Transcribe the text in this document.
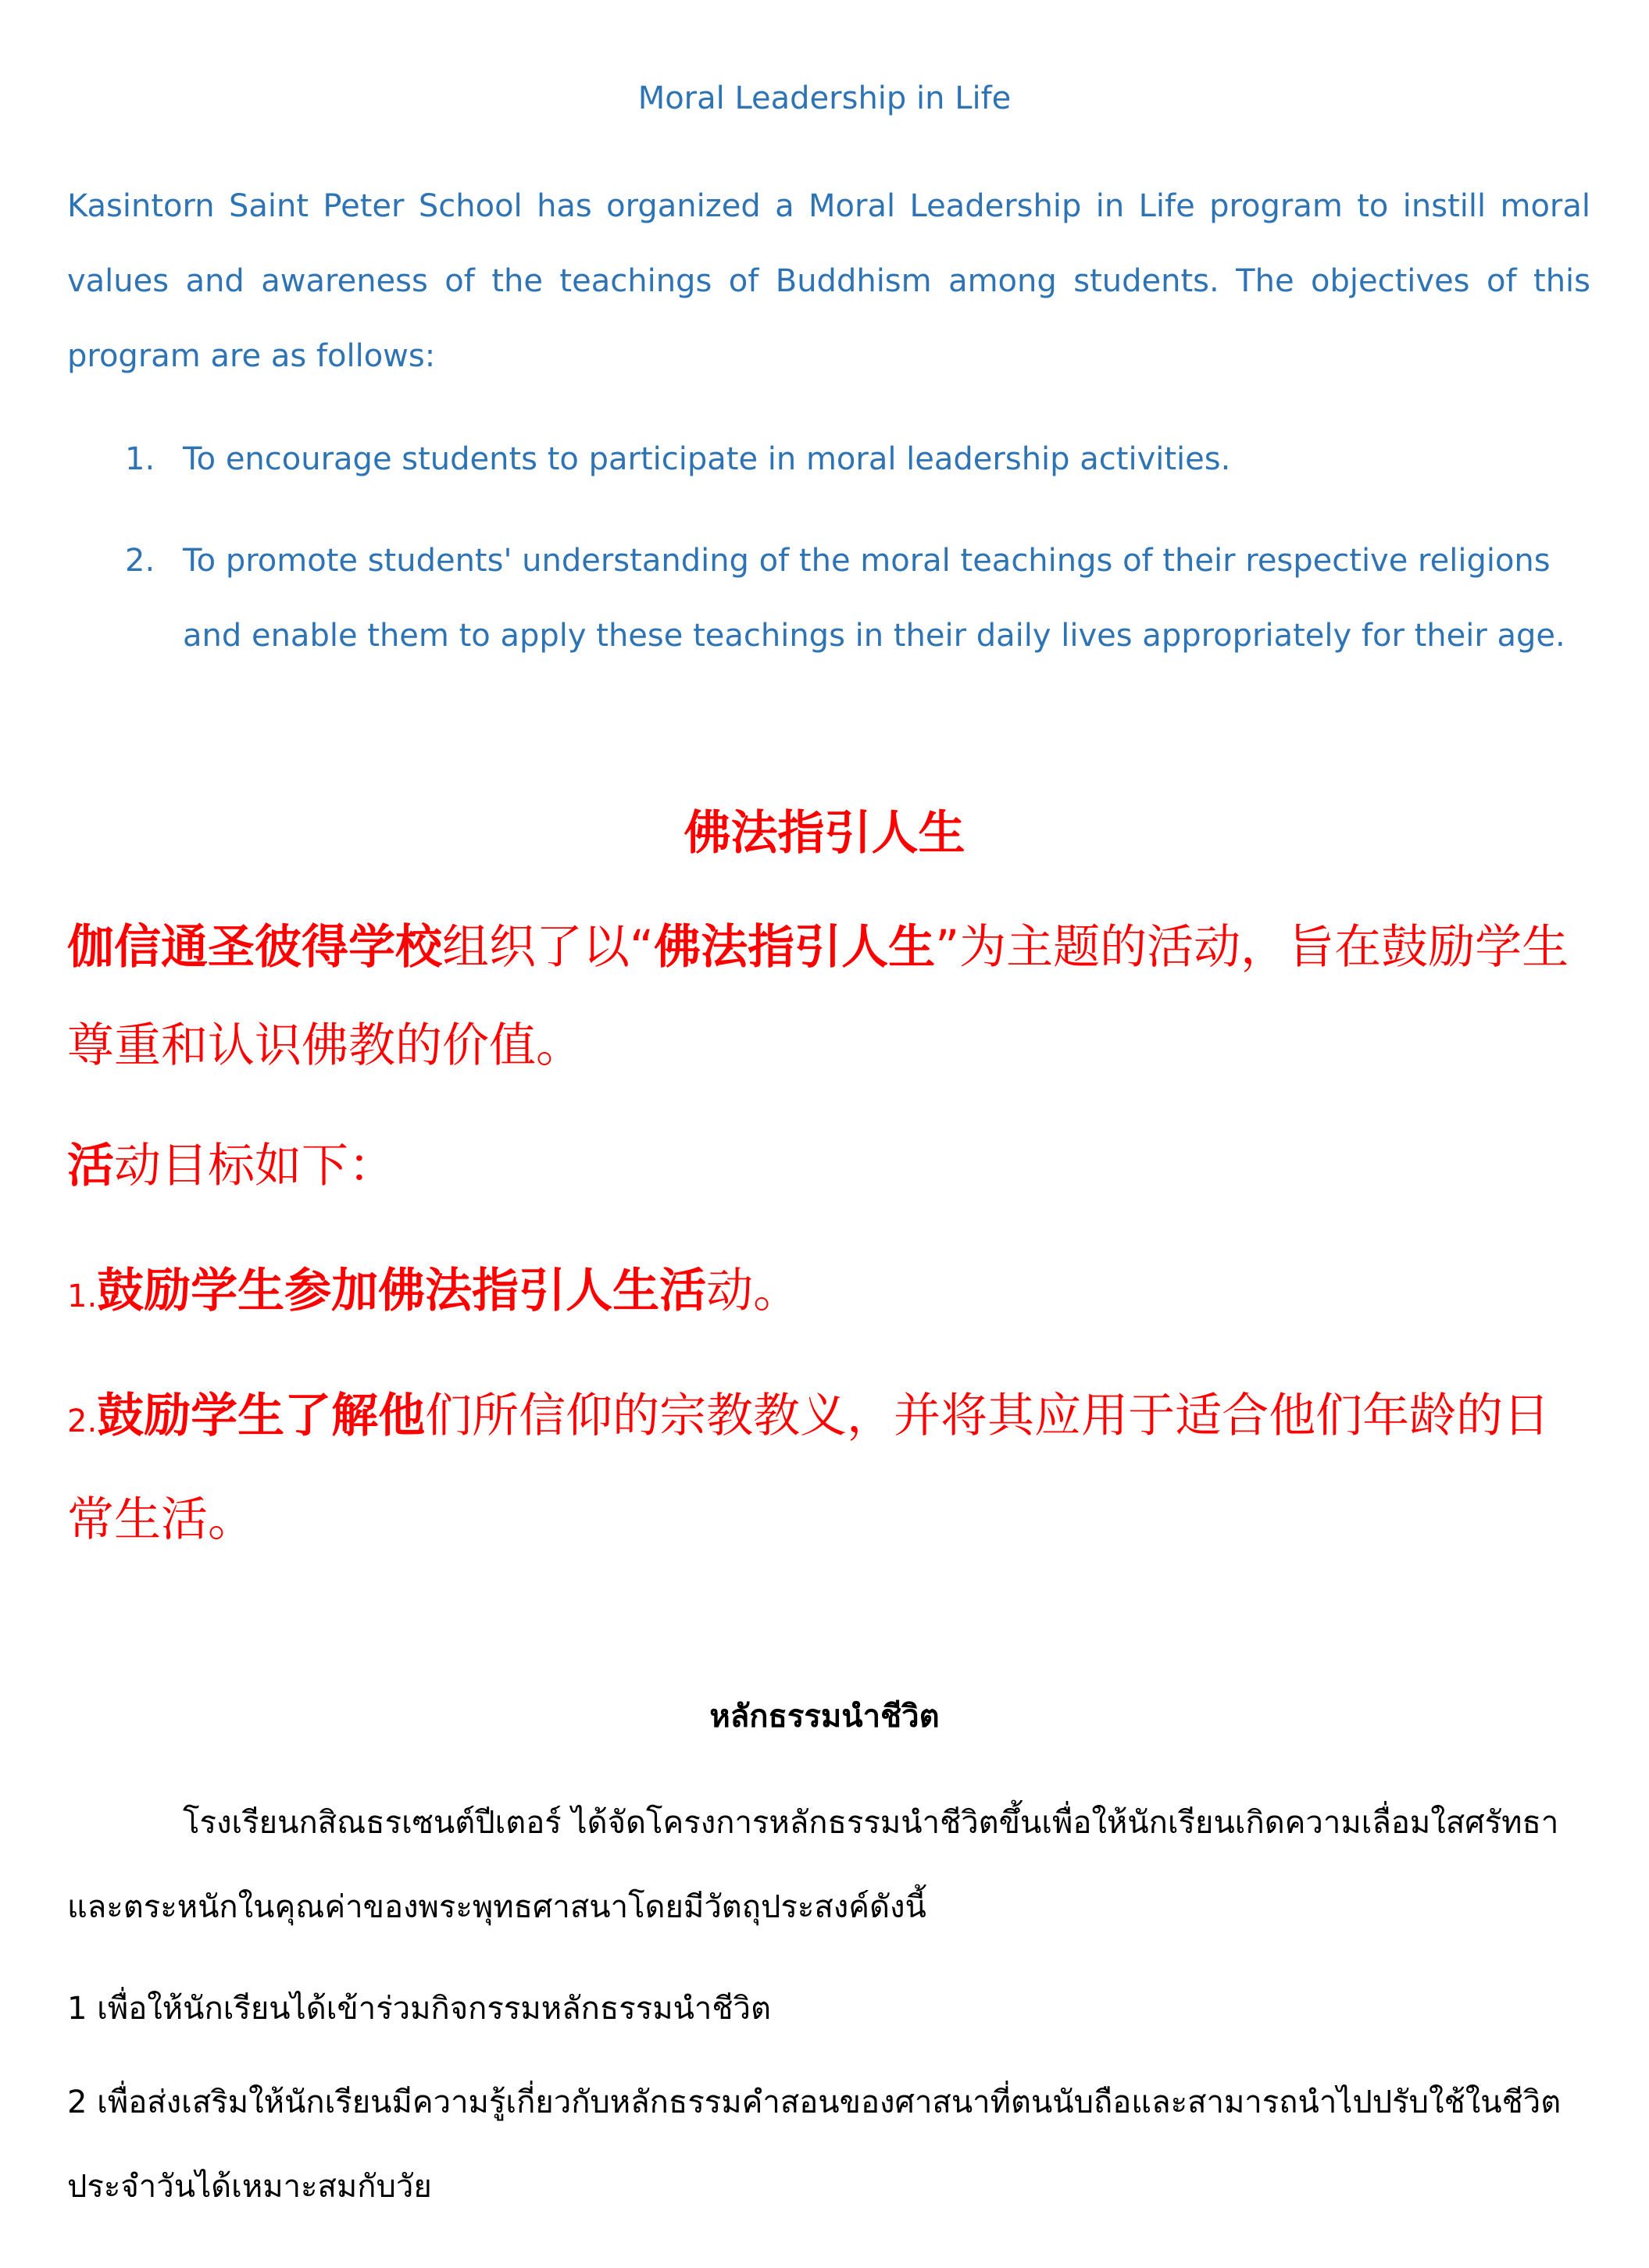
Moral Leadership in Life
Kasintorn Saint Peter School has organized a Moral Leadership in Life program to instill moral values and awareness of the teachings of Buddhism among students. The objectives of this program are as follows:
1. To encourage students to participate in moral leadership activities.
2. To promote students' understanding of the moral teachings of their respective religions and enable them to apply these teachings in their daily lives appropriately for their age.
佛法指引人生
伽信通圣彼得学校组织了以“佛法指引人生”为主题的活动，旨在鼓励学生尊重和认识佛教的价值。
活动目标如下：
1.鼓励学生参加佛法指引人生活动。
2.鼓励学生了解他们所信仰的宗教教义，并将其应用于适合他们年龄的日常生活。
หลักธรรมนำชีวิต
โรงเรียนกสิณธรเซนต์ปีเตอร์ ได้จัดโครงการหลักธรรมนำชีวิตขึ้นเพื่อให้นักเรียนเกิดความเลื่อมใสศรัทธาและตระหนักในคุณค่าของพระพุทธศาสนาโดยมีวัตถุประสงค์ดังนี้
1 เพื่อให้นักเรียนได้เข้าร่วมกิจกรรมหลักธรรมนำชีวิต
2 เพื่อส่งเสริมให้นักเรียนมีความรู้เกี่ยวกับหลักธรรมคำสอนของศาสนาที่ตนนับถือและสามารถนำไปปรับใช้ในชีวิตประจำวันได้เหมาะสมกับวัย
